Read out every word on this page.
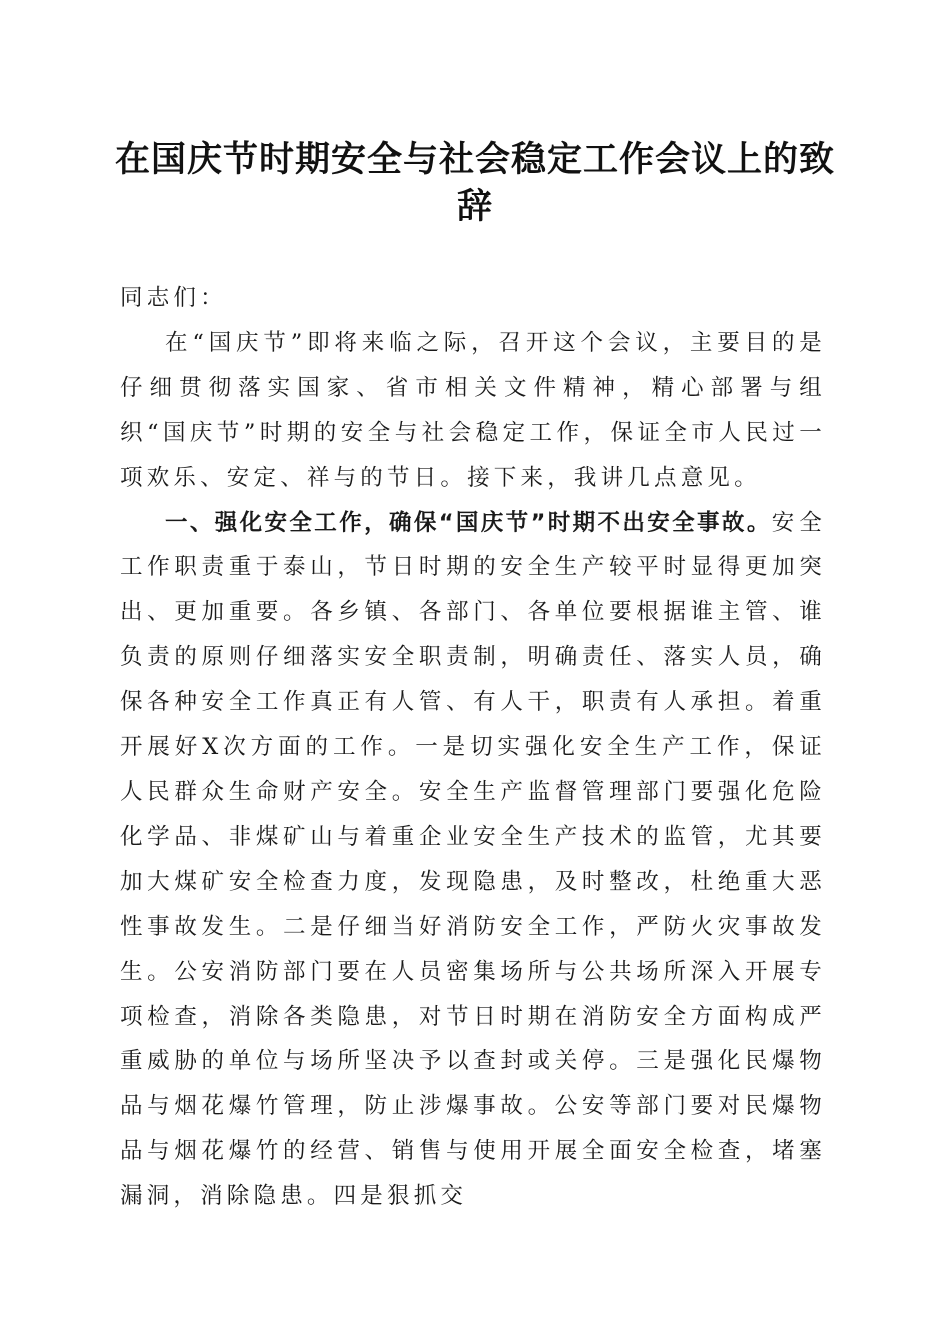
在国庆节时期安全与社会稳定工作会议上的致辞

同志们：

在“国庆节”即将来临之际，召开这个会议，主要目的是仔细贯彻落实国家、省市相关文件精神，精心部署与组织“国庆节”时期的安全与社会稳定工作，保证全市人民过一项欢乐、安定、祥与的节日。接下来，我讲几点意见。

一、强化安全工作，确保“国庆节”时期不出安全事故。安全工作职责重于泰山，节日时期的安全生产较平时显得更加突出、更加重要。各乡镇、各部门、各单位要根据谁主管、谁负责的原则仔细落实安全职责制，明确责任、落实人员，确保各种安全工作真正有人管、有人干，职责有人承担。着重开展好X次方面的工作。一是切实强化安全生产工作，保证人民群众生命财产安全。安全生产监督管理部门要强化危险化学品、非煤矿山与着重企业安全生产技术的监管，尤其要加大煤矿安全检查力度，发现隐患，及时整改，杜绝重大恶性事故发生。二是仔细当好消防安全工作，严防火灾事故发生。公安消防部门要在人员密集场所与公共场所深入开展专项检查，消除各类隐患，对节日时期在消防安全方面构成严重威胁的单位与场所坚决予以查封或关停。三是强化民爆物品与烟花爆竹管理，防止涉爆事故。公安等部门要对民爆物品与烟花爆竹的经营、销售与使用开展全面安全检查，堵塞漏洞，消除隐患。四是狠抓交
